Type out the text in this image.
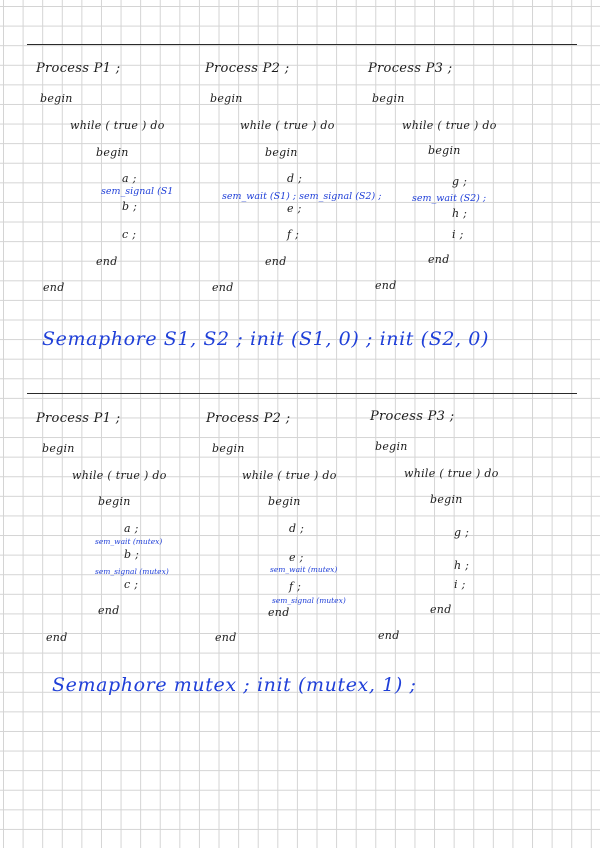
Process P1 ;
begin
while ( true ) do
begin
a ;
sem_signal (S1
b ;
c ;
end
end
Process P2 ;
begin
while ( true ) do
begin
d ;
sem_wait (S1) ; sem_signal (S2) ;
e ;
f ;
end
end
Process P3 ;
begin
while ( true ) do
begin
g ;
sem_wait (S2) ;
h ;
i ;
end
end
Semaphore S1, S2 ; init (S1, 0) ; init (S2, 0)
Process P1 ;
begin
while ( true ) do
begin
a ;
sem_wait (mutex)
b ;
sem_signal (mutex)
c ;
end
end
Process P2 ;
begin
while ( true ) do
begin
d ;
e ;
sem_wait (mutex)
f ;
sem_signal (mutex)
end
end
Process P3 ;
begin
while ( true ) do
begin
g ;
h ;
i ;
end
end
Semaphore mutex ; init (mutex, 1) ;
